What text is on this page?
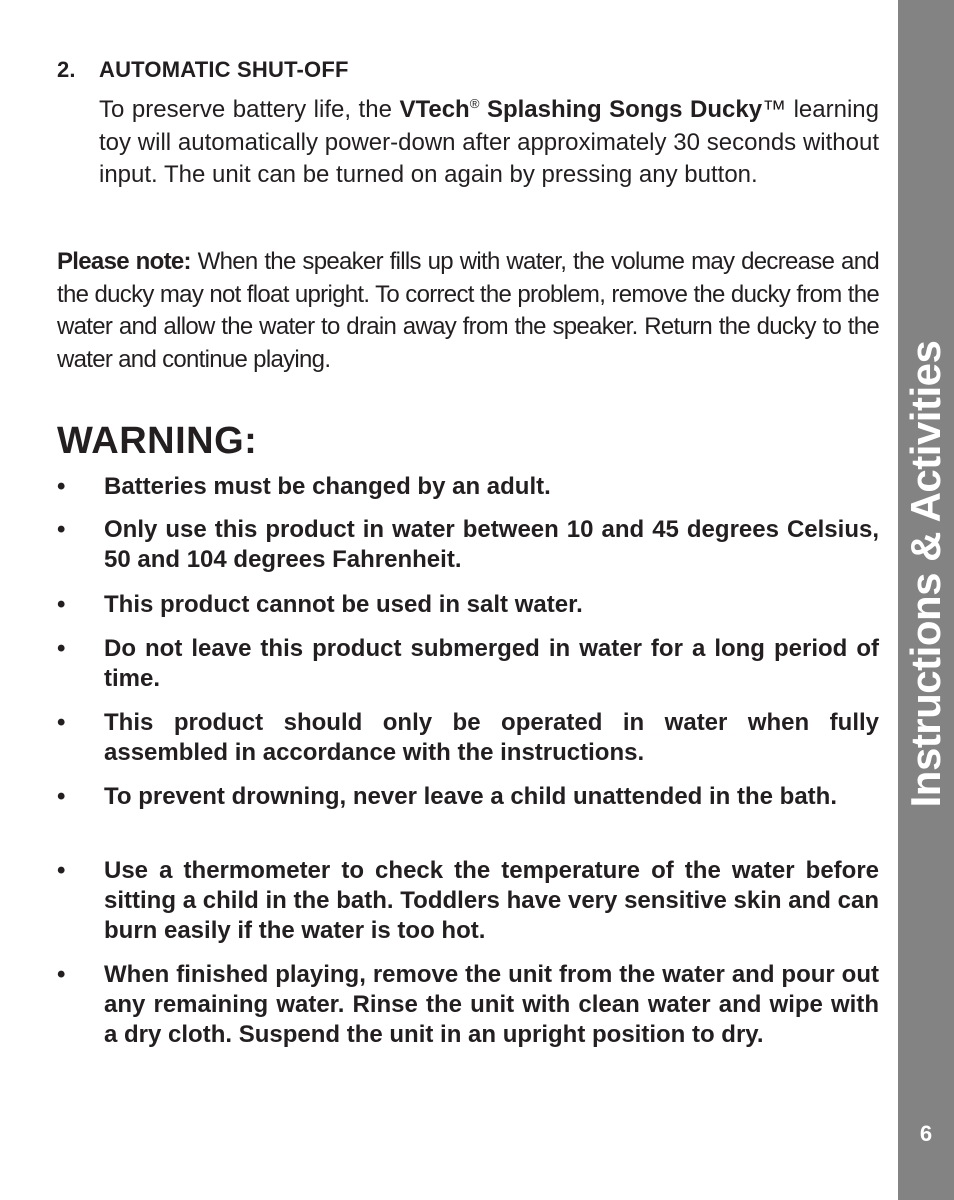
2. AUTOMATIC SHUT-OFF

To preserve battery life, the VTech® Splashing Songs Ducky™ learning toy will automatically power-down after approximately 30 seconds without input. The unit can be turned on again by pressing any button.

Please note: When the speaker fills up with water, the volume may decrease and the ducky may not float upright. To correct the problem, remove the ducky from the water and allow the water to drain away from the speaker. Return the ducky to the water and continue playing.

WARNING:
• Batteries must be changed by an adult.
• Only use this product in water between 10 and 45 degrees Celsius, 50 and 104 degrees Fahrenheit.
• This product cannot be used in salt water.
• Do not leave this product submerged in water for a long period of time.
• This product should only be operated in water when fully assembled in accordance with the instructions.
• To prevent drowning, never leave a child unattended in the bath.
• Use a thermometer to check the temperature of the water before sitting a child in the bath. Toddlers have very sensitive skin and can burn easily if the water is too hot.
• When finished playing, remove the unit from the water and pour out any remaining water. Rinse the unit with clean water and wipe with a dry cloth. Suspend the unit in an upright position to dry.
Instructions & Activities
6
